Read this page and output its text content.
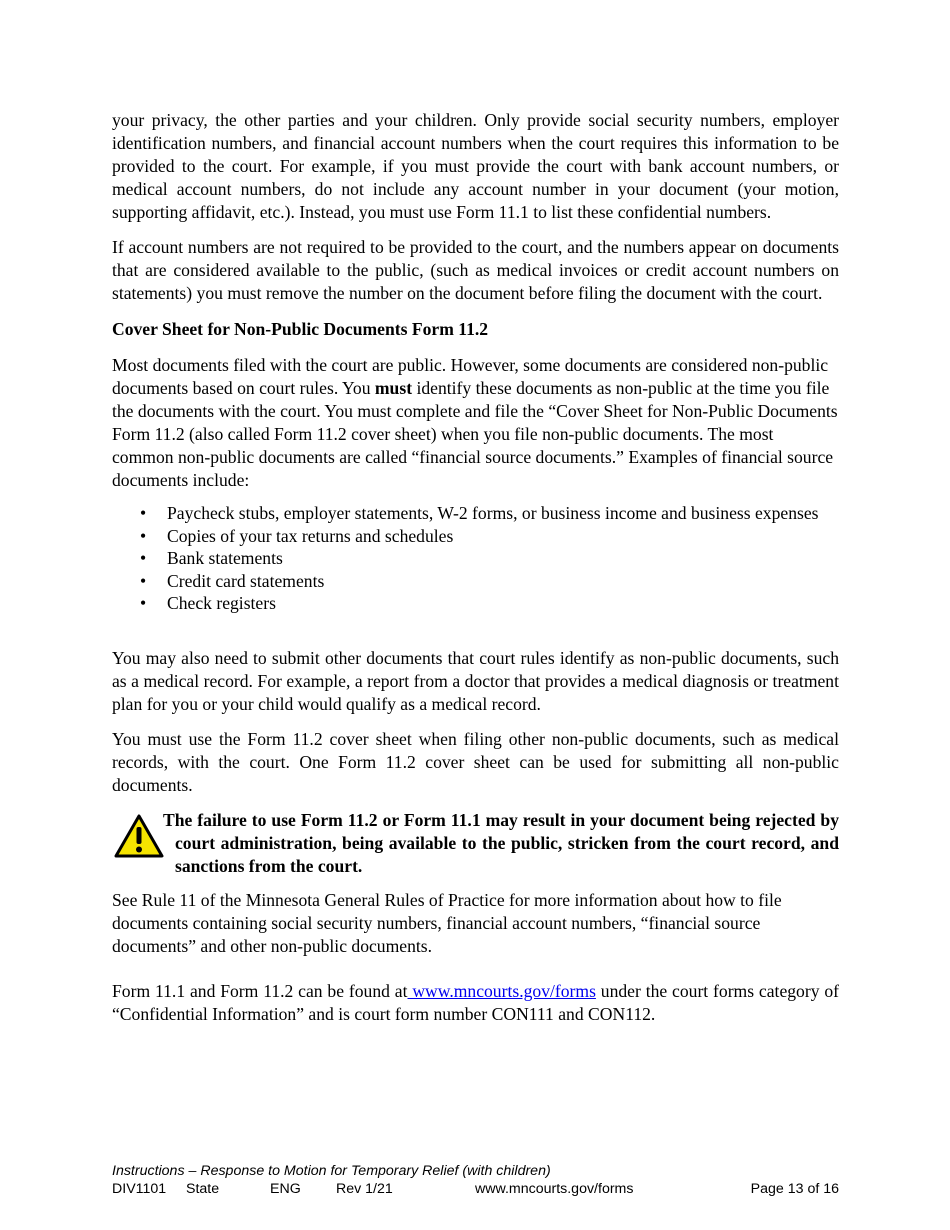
your privacy, the other parties and your children. Only provide social security numbers, employer identification numbers, and financial account numbers when the court requires this information to be provided to the court. For example, if you must provide the court with bank account numbers, or medical account numbers, do not include any account number in your document (your motion, supporting affidavit, etc.). Instead, you must use Form 11.1 to list these confidential numbers.

If account numbers are not required to be provided to the court, and the numbers appear on documents that are considered available to the public, (such as medical invoices or credit account numbers on statements) you must remove the number on the document before filing the document with the court.

Cover Sheet for Non-Public Documents Form 11.2

Most documents filed with the court are public. However, some documents are considered non-public documents based on court rules. You must identify these documents as non-public at the time you file the documents with the court. You must complete and file the “Cover Sheet for Non-Public Documents Form 11.2 (also called Form 11.2 cover sheet) when you file non-public documents. The most common non-public documents are called “financial source documents.” Examples of financial source documents include:

• Paycheck stubs, employer statements, W-2 forms, or business income and business expenses
• Copies of your tax returns and schedules
• Bank statements
• Credit card statements
• Check registers

You may also need to submit other documents that court rules identify as non-public documents, such as a medical record. For example, a report from a doctor that provides a medical diagnosis or treatment plan for you or your child would qualify as a medical record.

You must use the Form 11.2 cover sheet when filing other non-public documents, such as medical records, with the court. One Form 11.2 cover sheet can be used for submitting all non-public documents.

The failure to use Form 11.2 or Form 11.1 may result in your document being rejected by court administration, being available to the public, stricken from the court record, and sanctions from the court.

See Rule 11 of the Minnesota General Rules of Practice for more information about how to file documents containing social security numbers, financial account numbers, “financial source documents” and other non-public documents.

Form 11.1 and Form 11.2 can be found at www.mncourts.gov/forms under the court forms category of “Confidential Information” and is court form number CON111 and CON112.

Instructions – Response to Motion for Temporary Relief (with children)
DIV1101 State	ENG Rev 1/21	www.mncourts.gov/forms	Page 13 of 16
